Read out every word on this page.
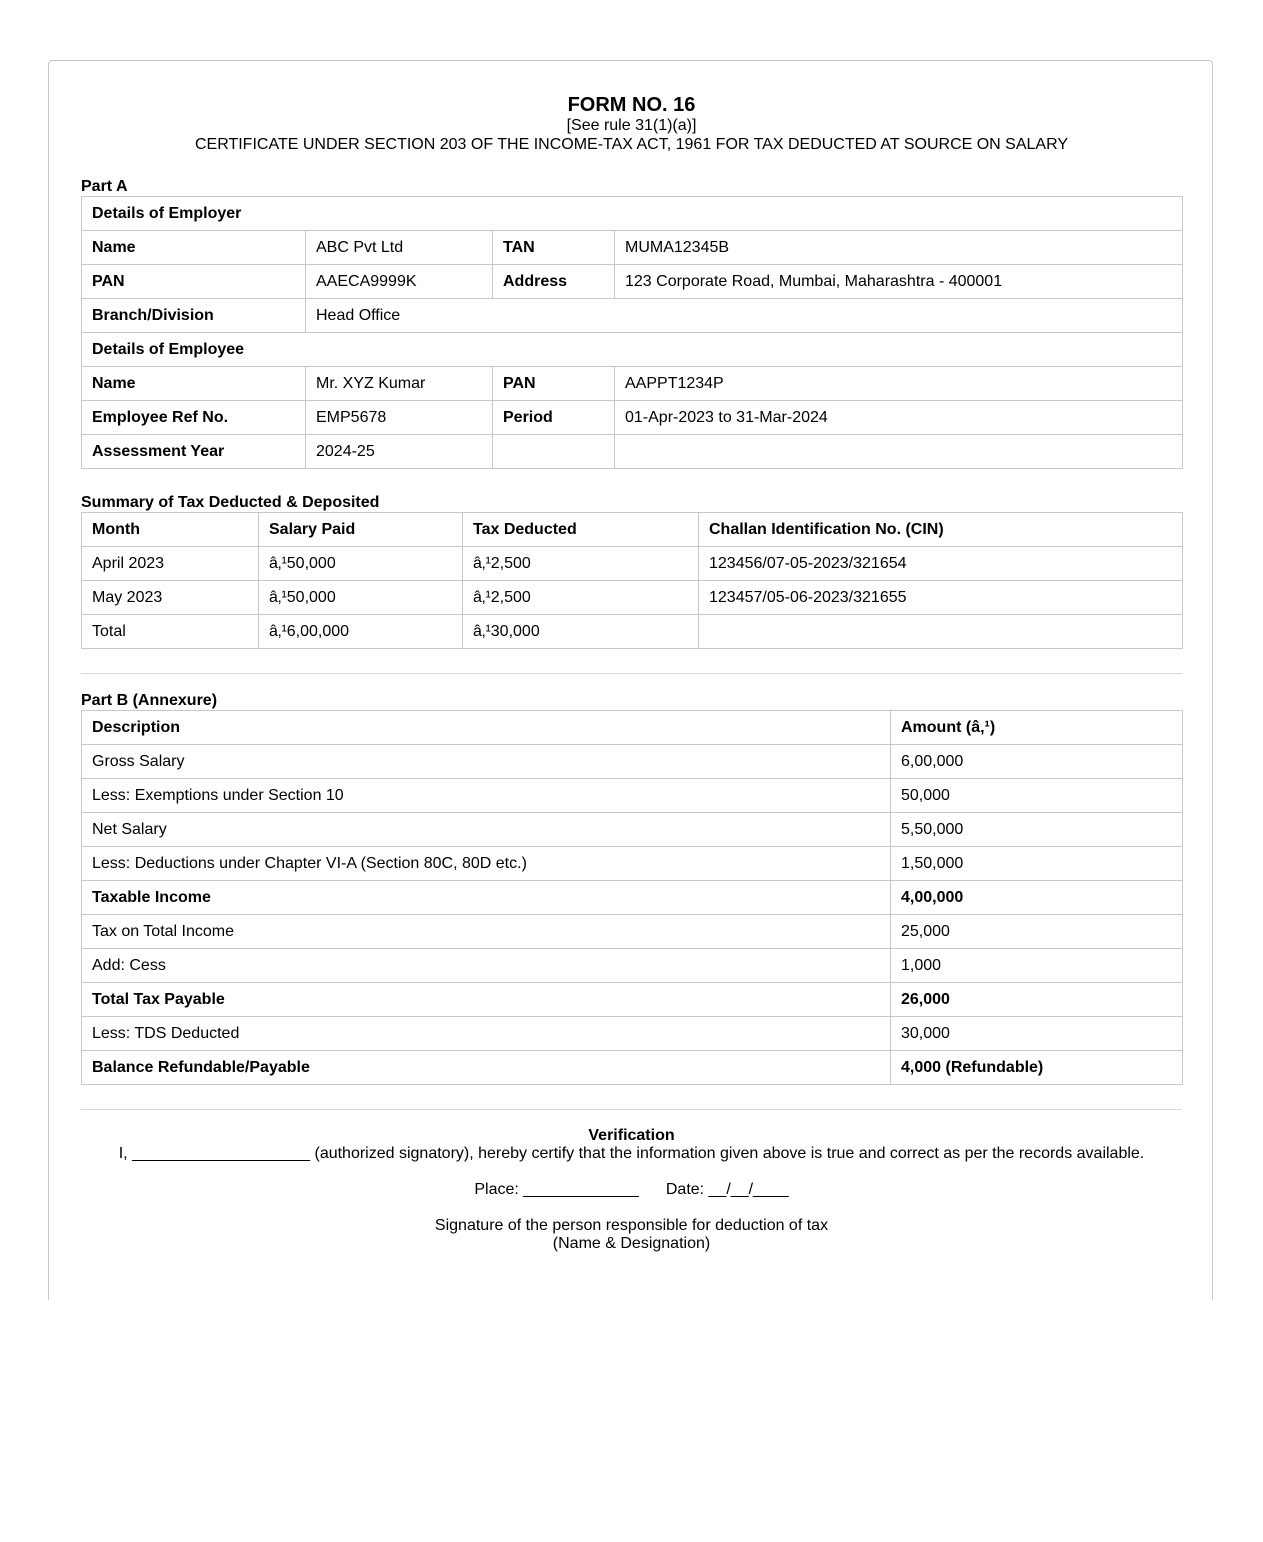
FORM NO. 16
[See rule 31(1)(a)]
CERTIFICATE UNDER SECTION 203 OF THE INCOME-TAX ACT, 1961 FOR TAX DEDUCTED AT SOURCE ON SALARY
Part A
Details of Employer			
Name	ABC Pvt Ltd	TAN	MUMA12345B
PAN	AAECA9999K	Address	123 Corporate Road, Mumbai, Maharashtra - 400001
Branch/Division	Head Office		
Details of Employee			
Name	Mr. XYZ Kumar	PAN	AAPPT1234P
Employee Ref No.	EMP5678	Period	01-Apr-2023 to 31-Mar-2024
Assessment Year	2024-25		
Summary of Tax Deducted & Deposited
Month	Salary Paid	Tax Deducted	Challan Identification No. (CIN)
April 2023	â‚¹50,000	â‚¹2,500	123456/07-05-2023/321654
May 2023	â‚¹50,000	â‚¹2,500	123457/05-06-2023/321655
Total	â‚¹6,00,000	â‚¹30,000	
Part B (Annexure)
Description	Amount (â‚¹)
Gross Salary	6,00,000
Less: Exemptions under Section 10	50,000
Net Salary	5,50,000
Less: Deductions under Chapter VI-A (Section 80C, 80D etc.)	1,50,000
Taxable Income	4,00,000
Tax on Total Income	25,000
Add: Cess	1,000
Total Tax Payable	26,000
Less: TDS Deducted	30,000
Balance Refundable/Payable	4,000 (Refundable)
Verification
I, ____________________ (authorized signatory), hereby certify that the information given above is true and correct as per the records available.
Place: _____________ Date: __/__/____
Signature of the person responsible for deduction of tax
(Name & Designation)
